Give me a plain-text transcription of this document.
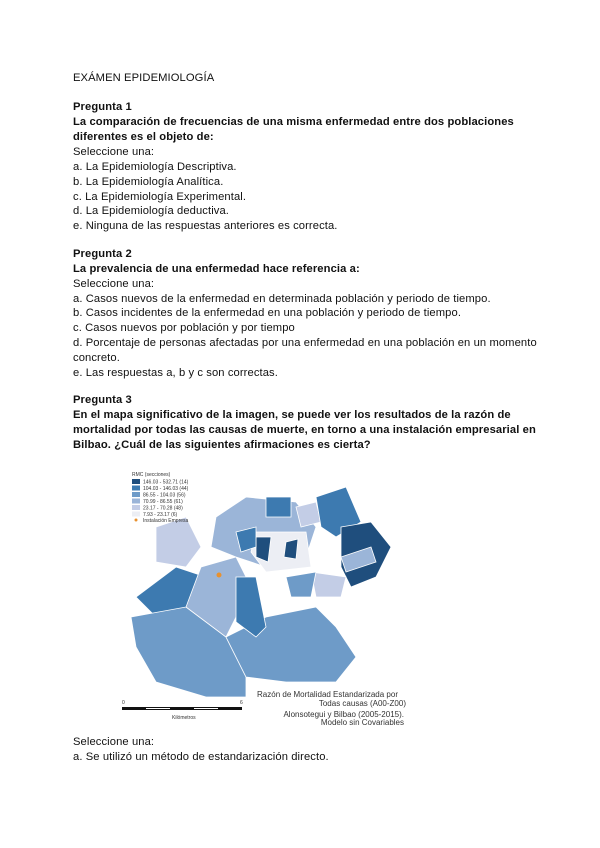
EXÁMEN EPIDEMIOLOGÍA
Pregunta 1
La comparación de frecuencias de una misma enfermedad entre dos poblaciones
diferentes es el objeto de:
Seleccione una:
a. La Epidemiología Descriptiva.
b. La Epidemiología Analítica.
c. La Epidemiología Experimental.
d. La Epidemiología deductiva.
e. Ninguna de las respuestas anteriores es correcta.
Pregunta 2
La prevalencia de una enfermedad hace referencia a:
Seleccione una:
a. Casos nuevos de la enfermedad en determinada población y periodo de tiempo.
b. Casos incidentes de la enfermedad en una población y periodo de tiempo.
c. Casos nuevos por población y por tiempo
d. Porcentaje de personas afectadas por una enfermedad en una población en un momento
concreto.
e. Las respuestas a, b y c son correctas.
Pregunta 3
En el mapa significativo de la imagen, se puede ver los resultados de la razón de
mortalidad por todas las causas de muerte, en torno a una instalación empresarial en
Bilbao. ¿Cuál de las siguientes afirmaciones es cierta?
RMC (secciones)
146.03 - 532.71 (14)
104.03 - 146.03 (44)
86.55 - 104.03 (56)
70.99 - 86.55 (61)
23.17 - 70.28 (48)
7.93 - 23.17 (6)
Instalación Empresa
Razón de Mortalidad Estandarizada por
Todas causas (A00-Z00)
Alonsotegui y Bilbao (2005-2015).
Modelo sin Covariables
0	6
Kilómetros
Seleccione una:
a. Se utilizó un método de estandarización directo.
